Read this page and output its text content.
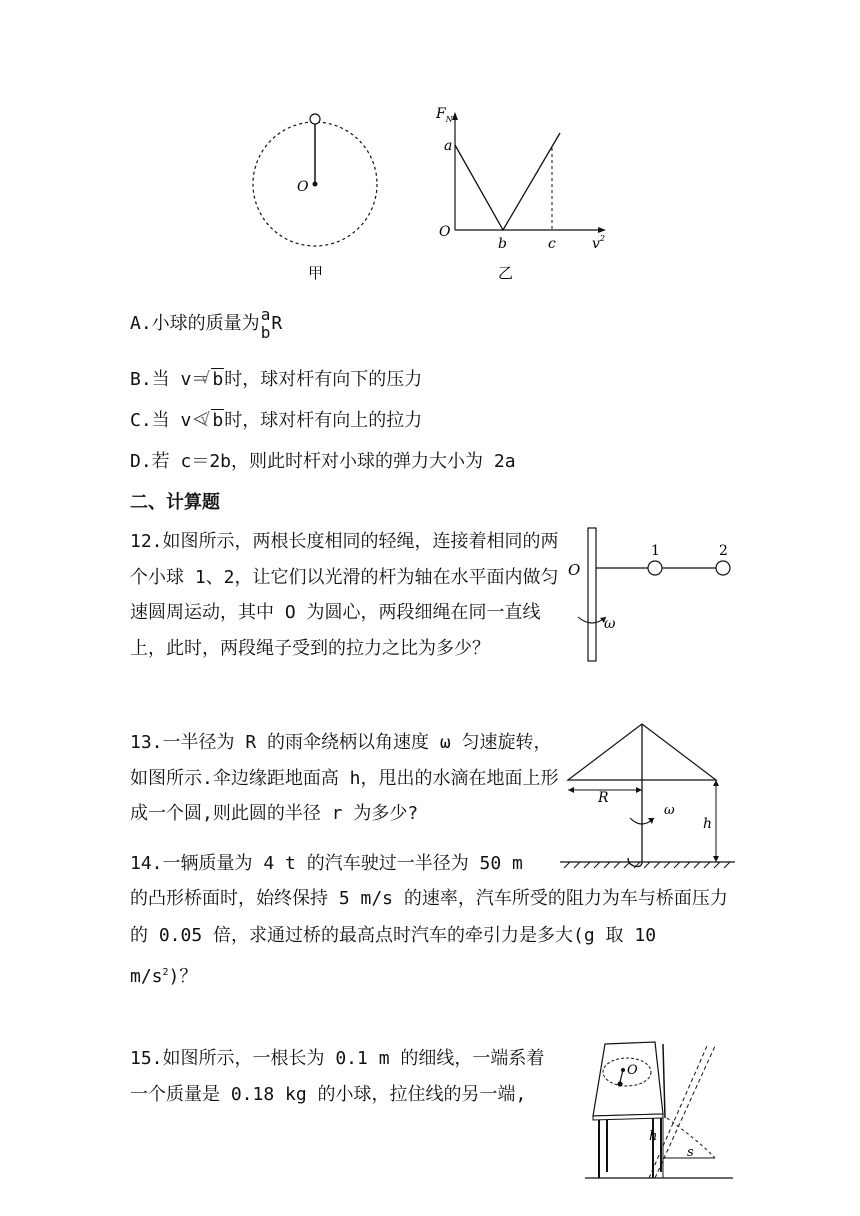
O
甲
$F_N$
a
O
b	c	$v^2$
乙
A.小球的质量为 a
b R
B.当 v＝ √ b时，球对杆有向下的压力
C.当 v＜ √ b时，球对杆有向上的拉力
D.若 c＝2b，则此时杆对小球的弹力大小为 2a
二、计算题
12.如图所示，两根长度相同的轻绳，连接着相同的两个小球 1、2，让它们以光滑的杆为轴在水平面内做匀速圆周运动，其中 O 为圆心，两段细绳在同一直线上，此时，两段绳子受到的拉力之比为多少？
O
1	2
ω
13.一半径为 R 的雨伞绕柄以角速度 ω 匀速旋转，如图所示.伞边缘距地面高 h，甩出的水滴在地面上形成一个圆,则此圆的半径 r 为多少?
R
ω
h
14.一辆质量为 4 t 的汽车驶过一半径为 50 m
的凸形桥面时，始终保持 5 m/s 的速率，汽车所受的阻力为车与桥面压力的 0.05 倍，求通过桥的最高点时汽车的牵引力是多大(g 取 10 $m/s^2$)？
15.如图所示，一根长为 0.1 m 的细线，一端系着一个质量是 0.18 kg 的小球，拉住线的另一端,
O
h
s
